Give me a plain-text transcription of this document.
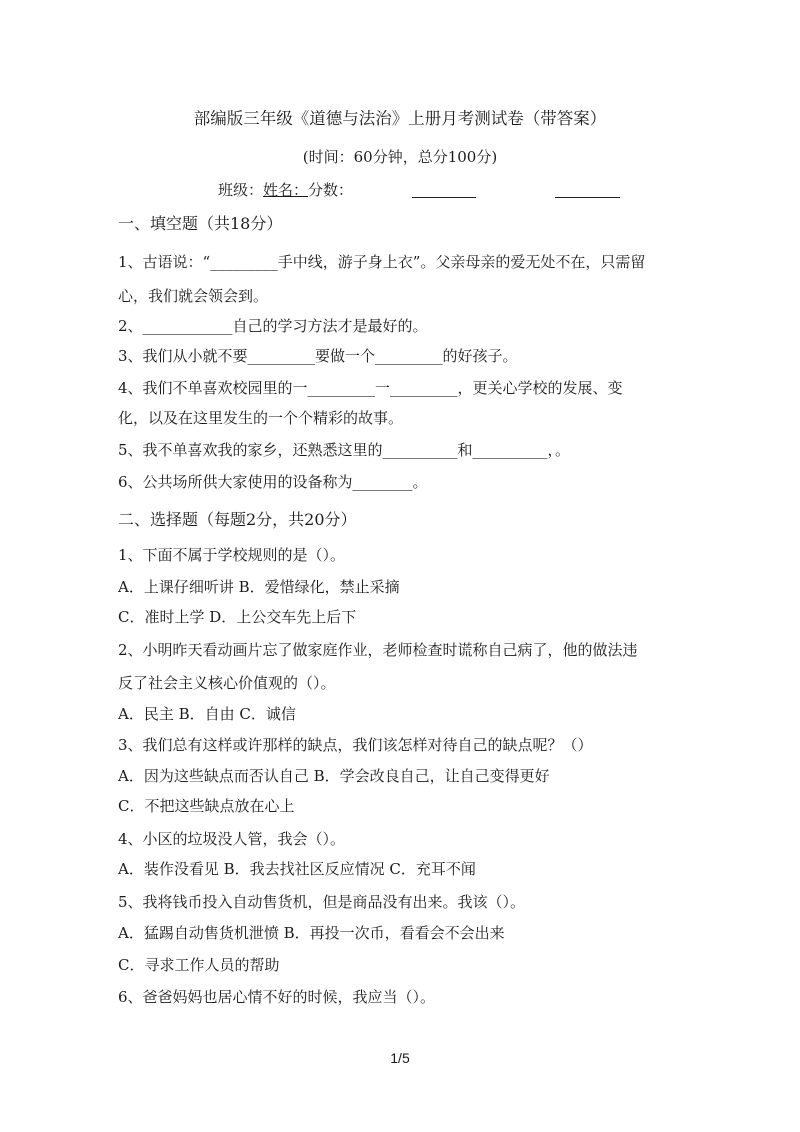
部编版三年级《道德与法治》上册月考测试卷（带答案）
(时间：60分钟，总分100分)
班级：姓名：分数：
一、填空题（共18分）
1、古语说：“_________手中线，游子身上衣”。父亲母亲的爱无处不在，只需留
心，我们就会领会到。
2、____________自己的学习方法才是最好的。
3、我们从小就不要_________要做一个_________的好孩子。
4、我们不单喜欢校园里的一_________一_________，更关心学校的发展、变
化，以及在这里发生的一个个精彩的故事。
5、我不单喜欢我的家乡，还熟悉这里的__________和__________，。
6、公共场所供大家使用的设备称为________。
二、选择题（每题2分，共20分）
1、下面不属于学校规则的是（）。
A．上课仔细听讲 B．爱惜绿化，禁止采摘
C．准时上学 D．上公交车先上后下
2、小明昨天看动画片忘了做家庭作业，老师检查时谎称自己病了，他的做法违
反了社会主义核心价值观的（）。
A．民主 B．自由 C．诚信
3、我们总有这样或许那样的缺点，我们该怎样对待自己的缺点呢？（）
A．因为这些缺点而否认自己 B．学会改良自己，让自己变得更好
C．不把这些缺点放在心上
4、小区的垃圾没人管，我会（）。
A．装作没看见 B．我去找社区反应情况 C．充耳不闻
5、我将钱币投入自动售货机，但是商品没有出来。我该（）。
A．猛踢自动售货机泄愤 B．再投一次币，看看会不会出来
C．寻求工作人员的帮助
6、爸爸妈妈也居心情不好的时候，我应当（）。
1/5
